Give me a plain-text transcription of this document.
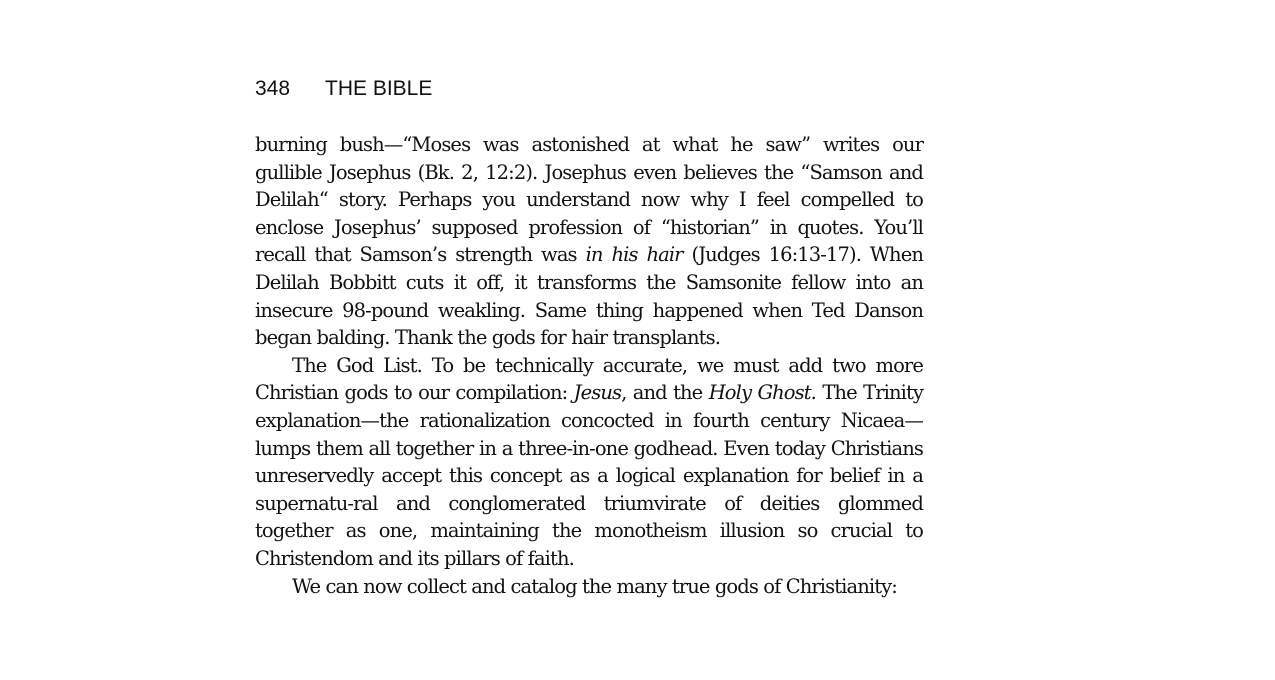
348 THE BIBLE

burning bush—“Moses was astonished at what he saw” writes our gullible Josephus (Bk. 2, 12:2). Josephus even believes the “Samson and Delilah“ story. Perhaps you understand now why I feel compelled to enclose Josephus’ supposed profession of “historian” in quotes. You’ll recall that Samson’s strength was in his hair (Judges 16:13-17). When Delilah Bobbitt cuts it off, it transforms the Samsonite fellow into an insecure 98-pound weakling. Same thing happened when Ted Danson began balding. Thank the gods for hair transplants.

The God List. To be technically accurate, we must add two more Christian gods to our compilation: Jesus, and the Holy Ghost. The Trinity explanation—the rationalization concocted in fourth century Nicaea—lumps them all together in a three-in-one godhead. Even today Christians unreservedly accept this concept as a logical explanation for belief in a supernatu-ral and conglomerated triumvirate of deities glommed together as one, maintaining the monotheism illusion so crucial to Christendom and its pillars of faith.

We can now collect and catalog the many true gods of Christianity:
